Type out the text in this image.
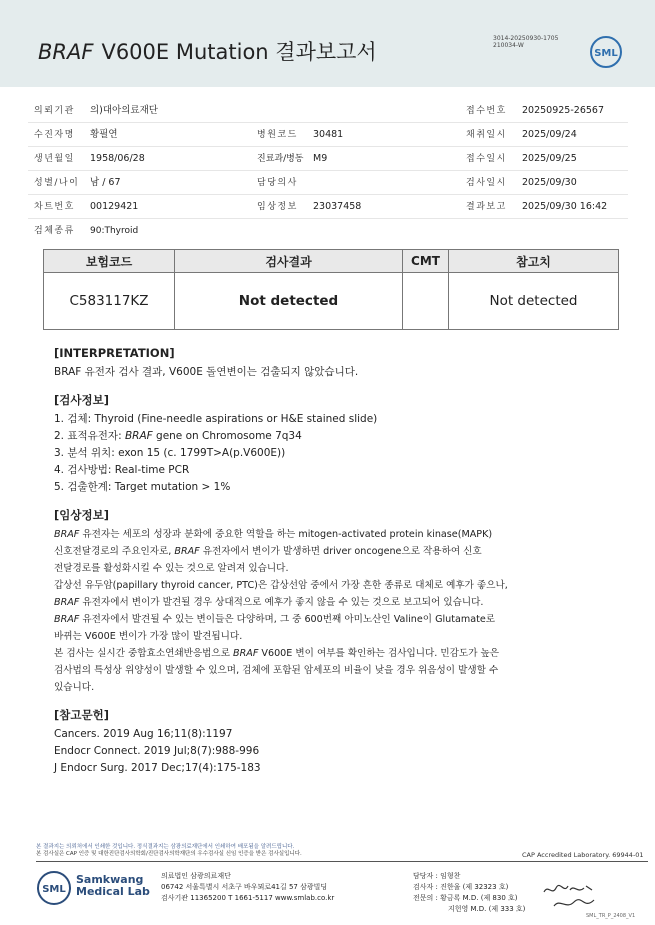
BRAF V600E Mutation 결과보고서
3014-20250930-1705
210034-W
SML
의뢰기관 의)대아의료재단	접수번호 20250925-26567
수진자명 황필연	병원코드 30481	채취일시 2025/09/24
생년월일 1958/06/28	진료과/병동 M9	접수일시 2025/09/25
성별/나이 남 / 67	담당의사	검사일시 2025/09/30
차트번호 00129421	임상정보 23037458	결과보고 2025/09/30 16:42
검체종류 90:Thyroid
보험코드	검사결과	CMT	참고치
C583117KZ	Not detected		Not detected
[INTERPRETATION]

BRAF 유전자 검사 결과, V600E 돌연변이는 검출되지 않았습니다.

[검사정보]

1. 검체: Thyroid (Fine-needle aspirations or H&E stained slide)

2. 표적유전자: BRAF gene on Chromosome 7q34

3. 분석 위치: exon 15 (c. 1799T>A(p.V600E))

4. 검사방법: Real-time PCR

5. 검출한계: Target mutation > 1%

[임상정보]

BRAF 유전자는 세포의 성장과 분화에 중요한 역할을 하는 mitogen-activated protein kinase(MAPK)

신호전달경로의 주요인자로, BRAF 유전자에서 변이가 발생하면 driver oncogene으로 작용하여 신호

전달경로를 활성화시킬 수 있는 것으로 알려져 있습니다.

갑상선 유두암(papillary thyroid cancer, PTC)은 갑상선암 중에서 가장 흔한 종류로 대체로 예후가 좋으나,

BRAF 유전자에서 변이가 발견될 경우 상대적으로 예후가 좋지 않을 수 있는 것으로 보고되어 있습니다.

BRAF 유전자에서 발견될 수 있는 변이들은 다양하며, 그 중 600번째 아미노산인 Valine이 Glutamate로

바뀌는 V600E 변이가 가장 많이 발견됩니다.

본 검사는 실시간 중합효소연쇄반응법으로 BRAF V600E 변이 여부를 확인하는 검사입니다. 민감도가 높은

검사법의 특성상 위양성이 발생할 수 있으며, 검체에 포함된 암세포의 비율이 낮을 경우 위음성이 발생할 수

있습니다.

[참고문헌]

Cancers. 2019 Aug 16;11(8):1197

Endocr Connect. 2019 Jul;8(7):988-996

J Endocr Surg. 2017 Dec;17(4):175-183

본 결과지는 의뢰처에서 인쇄한 것입니다. 정식결과지는 삼광의료재단에서 인쇄하여 배포됨을 알려드립니다.
본 검사실은 CAP 인증 및 대한진단검사의학회/진단검사의학재단의 우수검사실 신임 인증을 받은 검사실입니다.	CAP Accredited Laboratory. 69944-01
SML
Samkwang
Medical Lab
의료법인 삼광의료재단
06742 서울특별시 서초구 바우뫼로41길 57 삼광빌딩
검사기관 11365200 T 1661-5117 www.smlab.co.kr
담당자 : 임형찬
검사자 : 진한울 (제 32323 호)
전문의 : 황금록 M.D. (제 830 호)
지헌영 M.D. (제 333 호)
SML_TR_P_2408_V1
